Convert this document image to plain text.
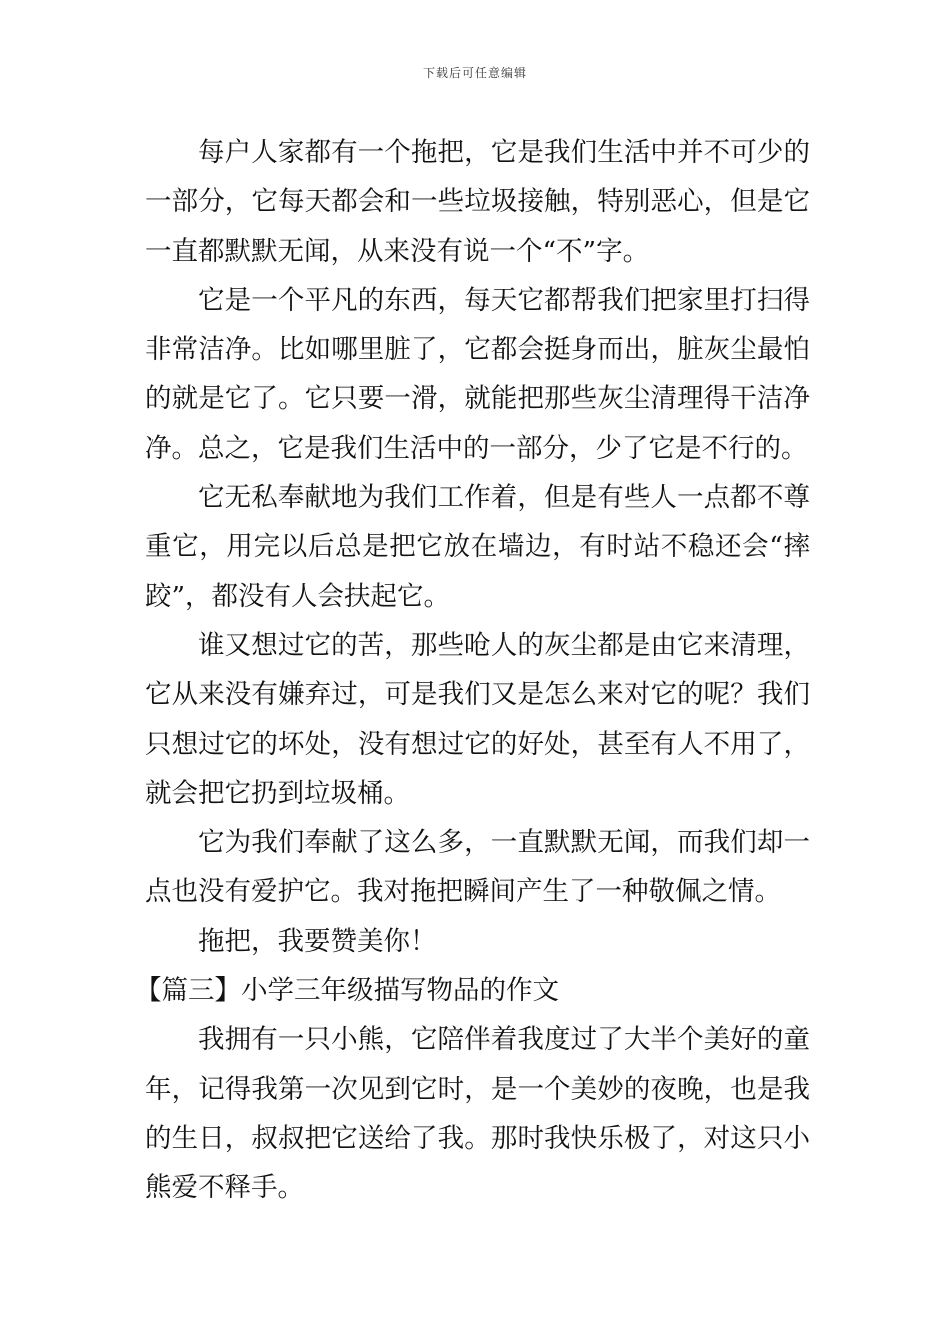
下载后可任意编辑

每户人家都有一个拖把，它是我们生活中并不可少的一部分，它每天都会和一些垃圾接触，特别恶心，但是它一直都默默无闻，从来没有说一个“不”字。

它是一个平凡的东西，每天它都帮我们把家里打扫得非常洁净。比如哪里脏了，它都会挺身而出，脏灰尘最怕的就是它了。它只要一滑，就能把那些灰尘清理得干洁净净。总之，它是我们生活中的一部分，少了它是不行的。

它无私奉献地为我们工作着，但是有些人一点都不尊重它，用完以后总是把它放在墙边，有时站不稳还会“摔跤”，都没有人会扶起它。

谁又想过它的苦，那些呛人的灰尘都是由它来清理，它从来没有嫌弃过，可是我们又是怎么来对它的呢？我们只想过它的坏处，没有想过它的好处，甚至有人不用了，就会把它扔到垃圾桶。

它为我们奉献了这么多，一直默默无闻，而我们却一点也没有爱护它。我对拖把瞬间产生了一种敬佩之情。

拖把，我要赞美你！

【篇三】小学三年级描写物品的作文

我拥有一只小熊，它陪伴着我度过了大半个美好的童年，记得我第一次见到它时，是一个美妙的夜晚，也是我的生日，叔叔把它送给了我。那时我快乐极了，对这只小熊爱不释手。
